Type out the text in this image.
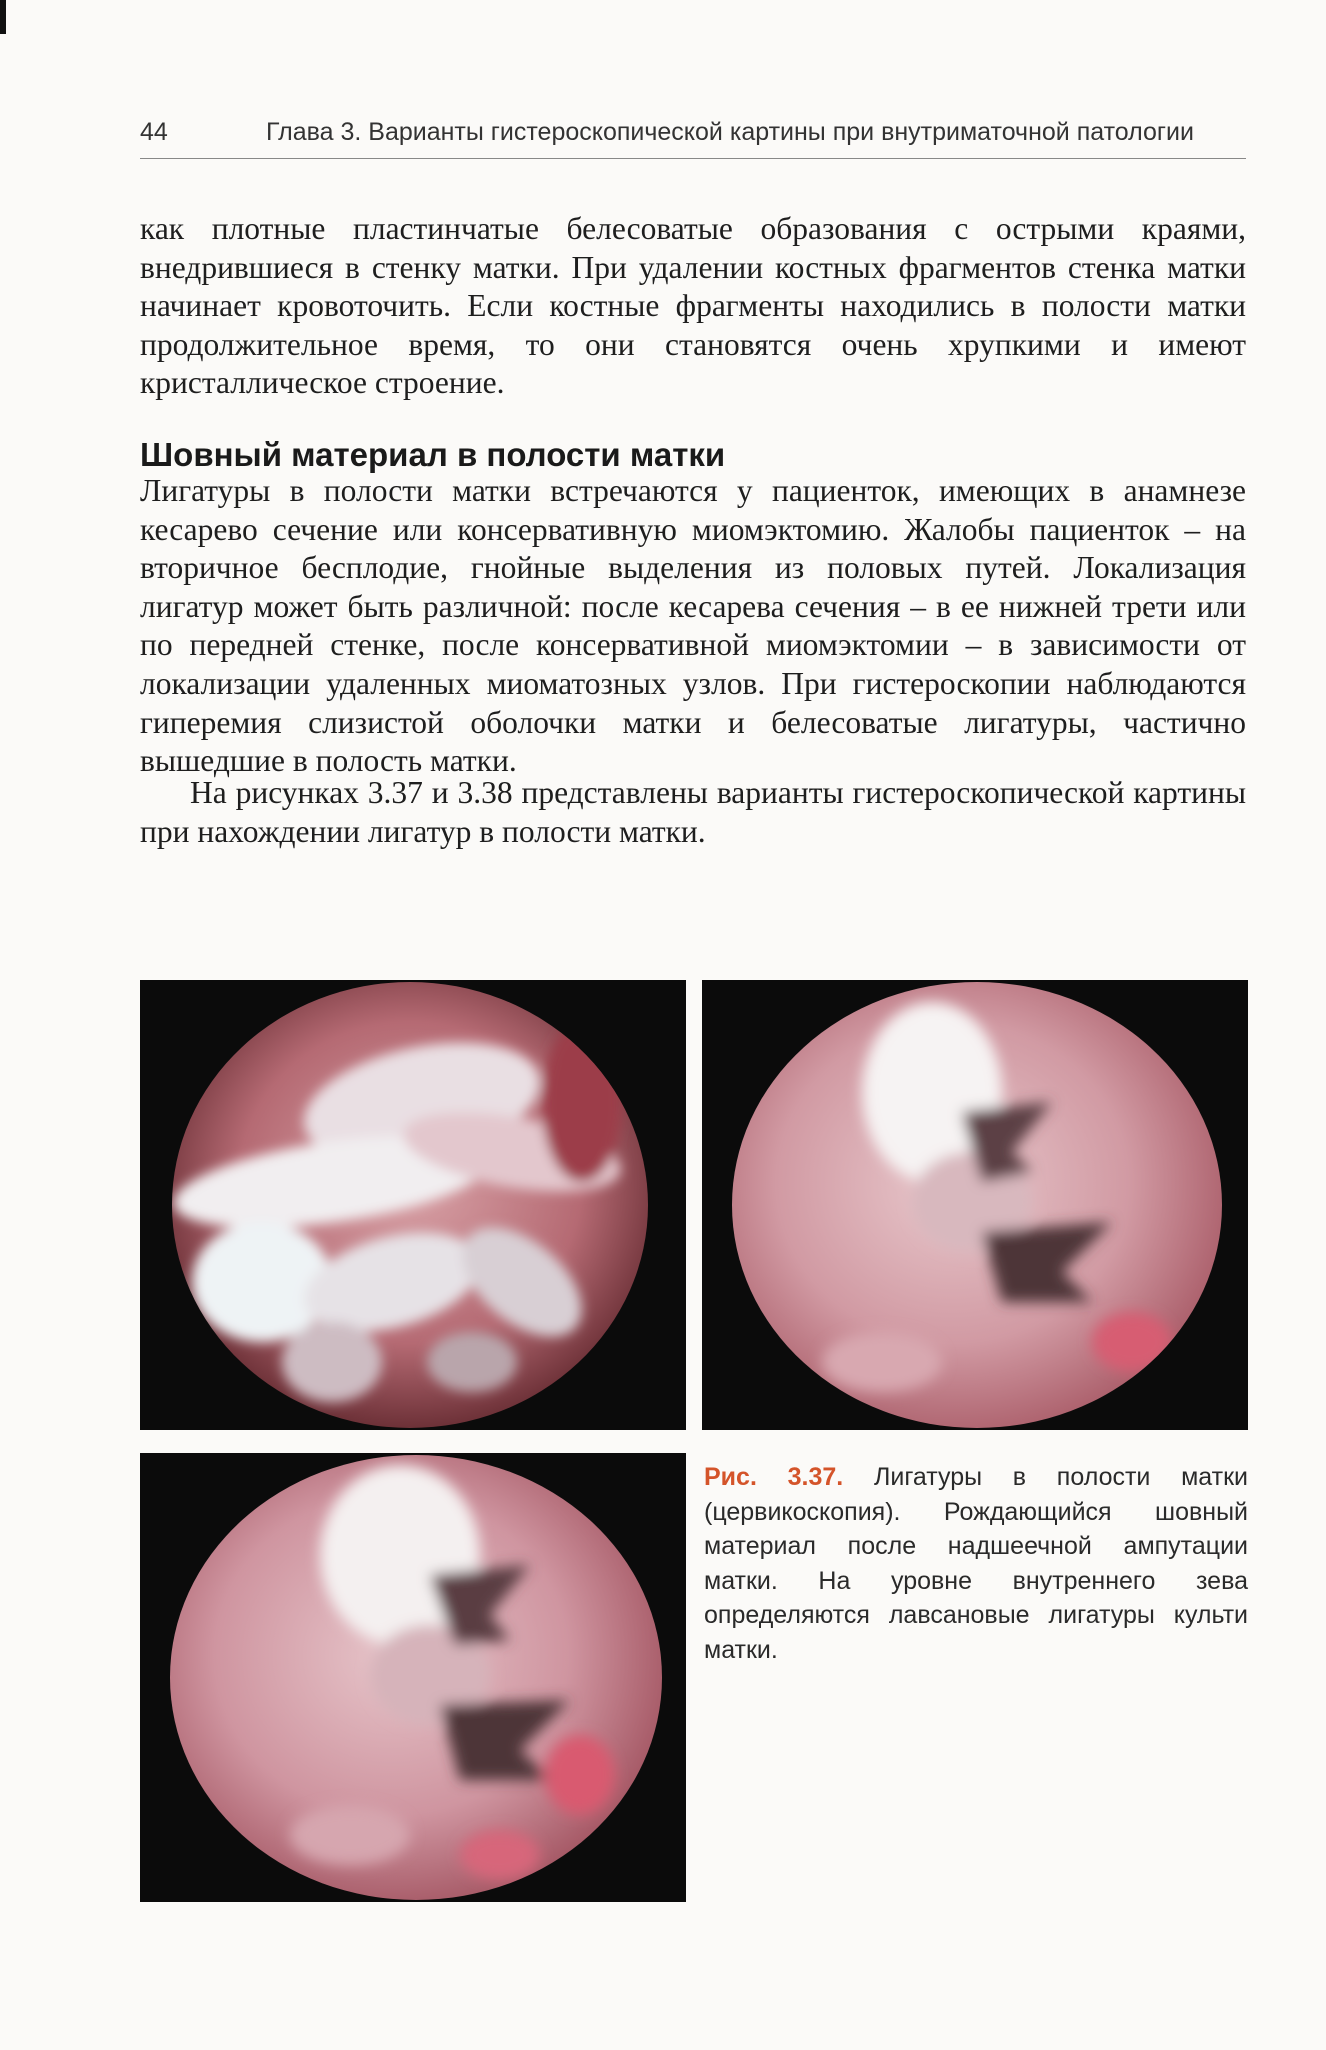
44	Глава 3. Варианты гистероскопической картины при внутриматочной патологии

как плотные пластинчатые белесоватые образования с острыми краями, внедрившиеся в стенку матки. При удалении костных фрагментов стенка матки начинает кровоточить. Если костные фрагменты находились в полости матки продолжительное время, то они становятся очень хрупкими и имеют кристаллическое строение.

Шовный материал в полости матки

Лигатуры в полости матки встречаются у пациенток, имеющих в анамнезе кесарево сечение или консервативную миомэктомию. Жалобы пациенток – на вторичное бесплодие, гнойные выделения из половых путей. Локализация лигатур может быть различной: после кесарева сечения – в ее нижней трети или по передней стенке, после консервативной миомэктомии – в зависимости от локализации удаленных миоматозных узлов. При гистероскопии наблюдаются гиперемия слизистой оболочки матки и белесоватые лигатуры, частично вышедшие в полость матки.

На рисунках 3.37 и 3.38 представлены варианты гистероскопической картины при нахождении лигатур в полости матки.

Рис. 3.37. Лигатуры в полости матки (цервикоскопия). Рождающийся шовный материал после надшеечной ампутации матки. На уровне внутреннего зева определяются лавсановые лигатуры культи матки.
